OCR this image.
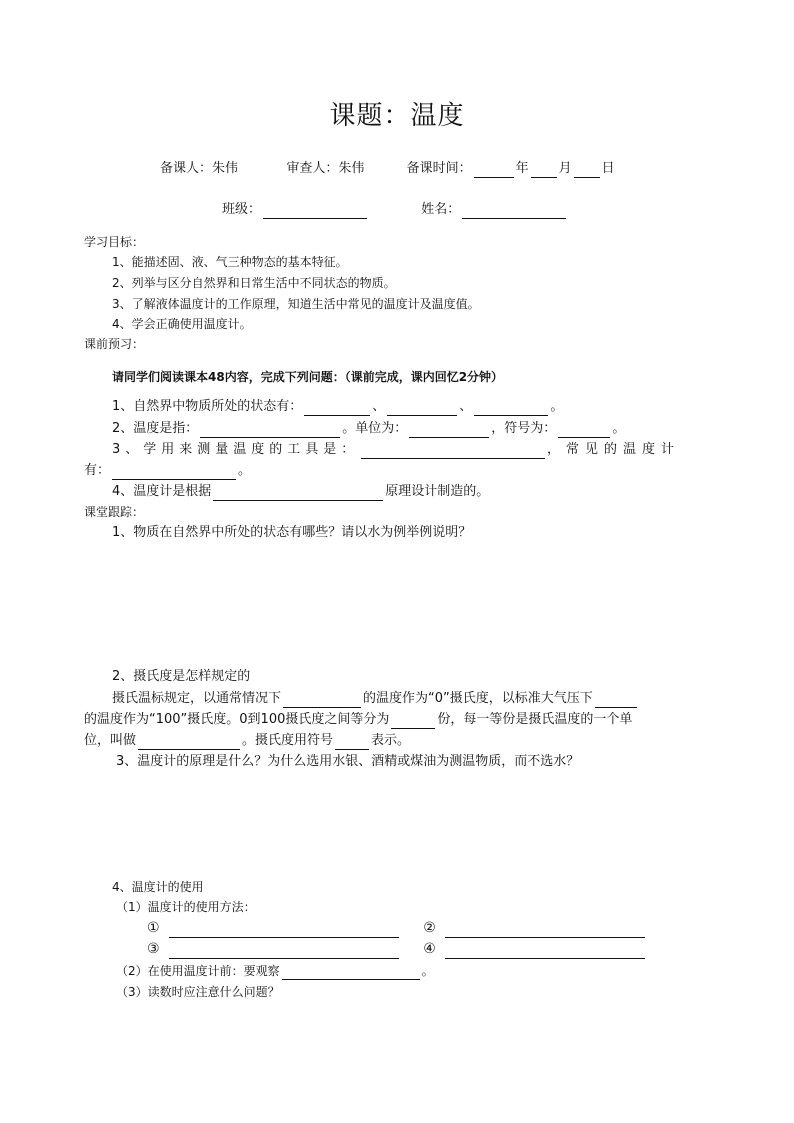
课题：温度
备课人：朱伟	审查人：朱伟	备课时间：	年 月 日
班级：	姓名：
学习目标：
1、能描述固、液、气三种物态的基本特征。
2、列举与区分自然界和日常生活中不同状态的物质。
3、了解液体温度计的工作原理，知道生活中常见的温度计及温度值。
4、学会正确使用温度计。
课前预习：
请同学们阅读课本48内容，完成下列问题：（课前完成，课内回忆2分钟）
1、自然界中物质所处的状态有：	、	、	。
2、温度是指：	。单位为：	，符号为：	。
3、学用来测量温度的工具是：	，常见的温度计
有：	。
4、温度计是根据	原理设计制造的。
课堂跟踪：
1、物质在自然界中所处的状态有哪些？请以水为例举例说明？
2、摄氏度是怎样规定的
摄氏温标规定，以通常情况下	的温度作为“0”摄氏度，以标准大气压下
的温度作为“100”摄氏度。0到100摄氏度之间等分为	份，每一等份是摄氏温度的一个单
位，叫做	。摄氏度用符号	表示。
3、温度计的原理是什么？为什么选用水银、酒精或煤油为测温物质，而不选水？
4、温度计的使用
（1）温度计的使用方法：
①	②
③	④
（2）在使用温度计前：要观察	。
（3）读数时应注意什么问题？
